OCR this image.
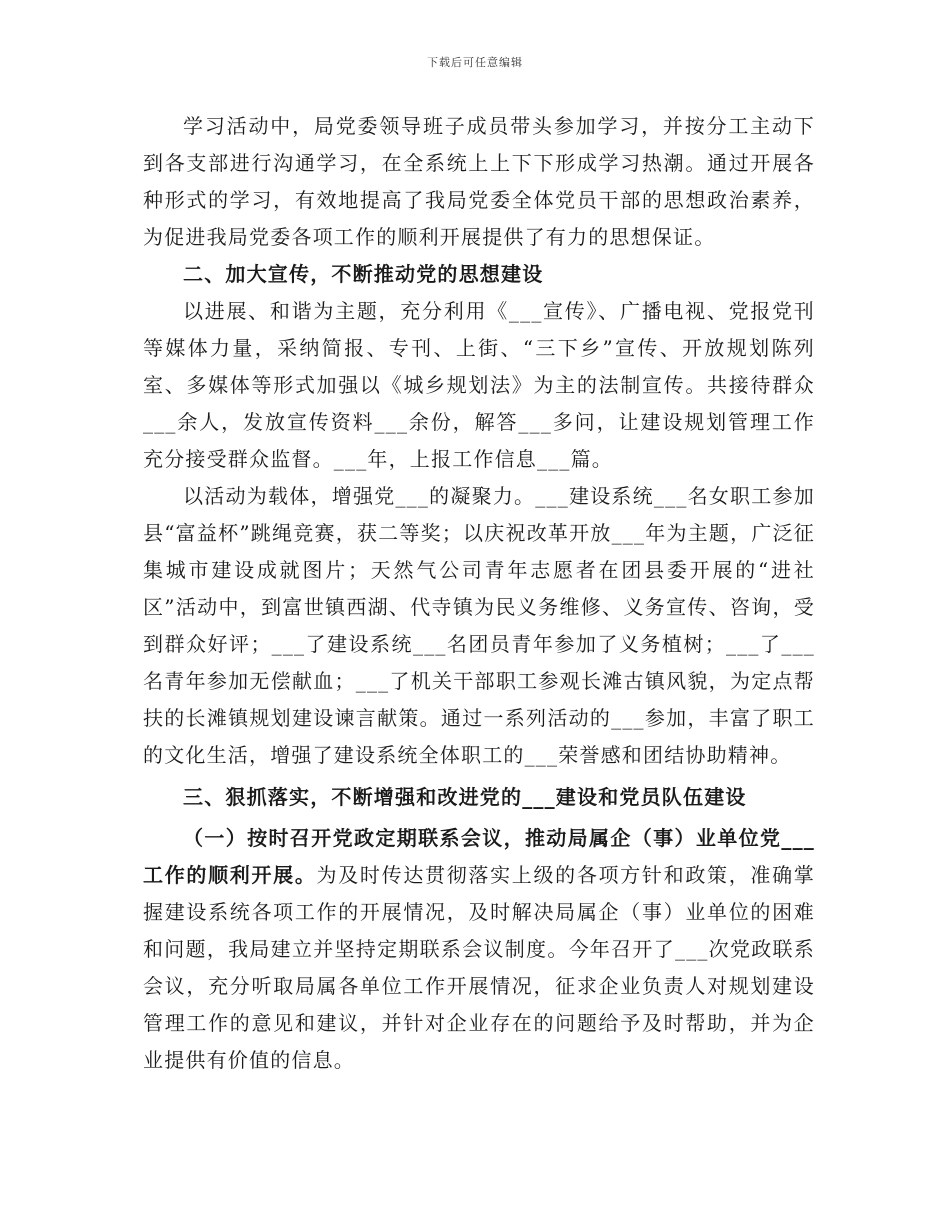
下载后可任意编辑

学习活动中，局党委领导班子成员带头参加学习，并按分工主动下到各支部进行沟通学习，在全系统上上下下形成学习热潮。通过开展各种形式的学习，有效地提高了我局党委全体党员干部的思想政治素养，为促进我局党委各项工作的顺利开展提供了有力的思想保证。

二、加大宣传，不断推动党的思想建设

以进展、和谐为主题，充分利用《___宣传》、广播电视、党报党刊等媒体力量，采纳简报、专刊、上街、“三下乡”宣传、开放规划陈列室、多媒体等形式加强以《城乡规划法》为主的法制宣传。共接待群众___余人，发放宣传资料___余份，解答___多问，让建设规划管理工作充分接受群众监督。___年，上报工作信息___篇。

以活动为载体，增强党___的凝聚力。___建设系统___名女职工参加县“富益杯”跳绳竞赛，获二等奖；以庆祝改革开放___年为主题，广泛征集城市建设成就图片；天然气公司青年志愿者在团县委开展的“进社区”活动中，到富世镇西湖、代寺镇为民义务维修、义务宣传、咨询，受到群众好评；___了建设系统___名团员青年参加了义务植树；___了___名青年参加无偿献血；___了机关干部职工参观长滩古镇风貌，为定点帮扶的长滩镇规划建设谏言献策。通过一系列活动的___参加，丰富了职工的文化生活，增强了建设系统全体职工的___荣誉感和团结协助精神。

三、狠抓落实，不断增强和改进党的___建设和党员队伍建设

（一）按时召开党政定期联系会议，推动局属企（事）业单位党___工作的顺利开展。为及时传达贯彻落实上级的各项方针和政策，准确掌握建设系统各项工作的开展情况，及时解决局属企（事）业单位的困难和问题，我局建立并坚持定期联系会议制度。今年召开了___次党政联系会议，充分听取局属各单位工作开展情况，征求企业负责人对规划建设管理工作的意见和建议，并针对企业存在的问题给予及时帮助，并为企业提供有价值的信息。
